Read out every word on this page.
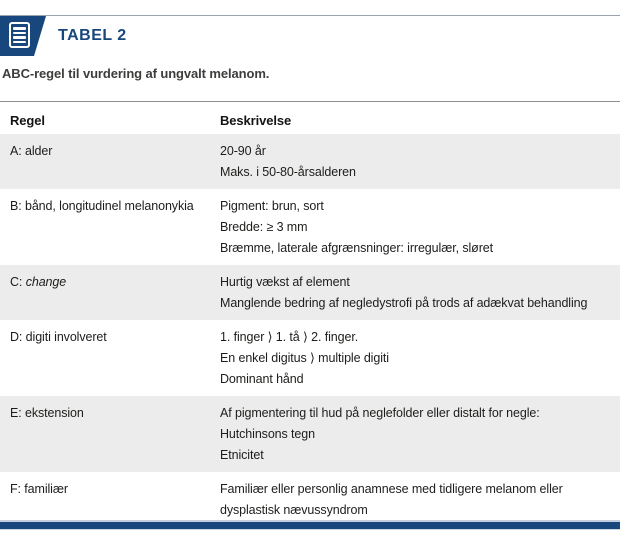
TABEL 2
ABC-regel til vurdering af ungvalt melanom.
Regel	Beskrivelse
A: alder	20-90 år
Maks. i 50-80-årsalderen
B: bånd, longitudinel melanonykia	Pigment: brun, sort
Bredde: ≥ 3 mm
Bræmme, laterale afgrænsninger: irregulær, sløret
C: change	Hurtig vækst af element
Manglende bedring af negledystrofi på trods af adækvat behandling
D: digiti involveret	1. finger ⟩ 1. tå ⟩ 2. finger.
En enkel digitus ⟩ multiple digiti
Dominant hånd
E: ekstension	Af pigmentering til hud på neglefolder eller distalt for negle:
Hutchinsons tegn
Etnicitet
F: familiær	Familiær eller personlig anamnese med tidligere melanom eller
dysplastisk nævussyndrom
